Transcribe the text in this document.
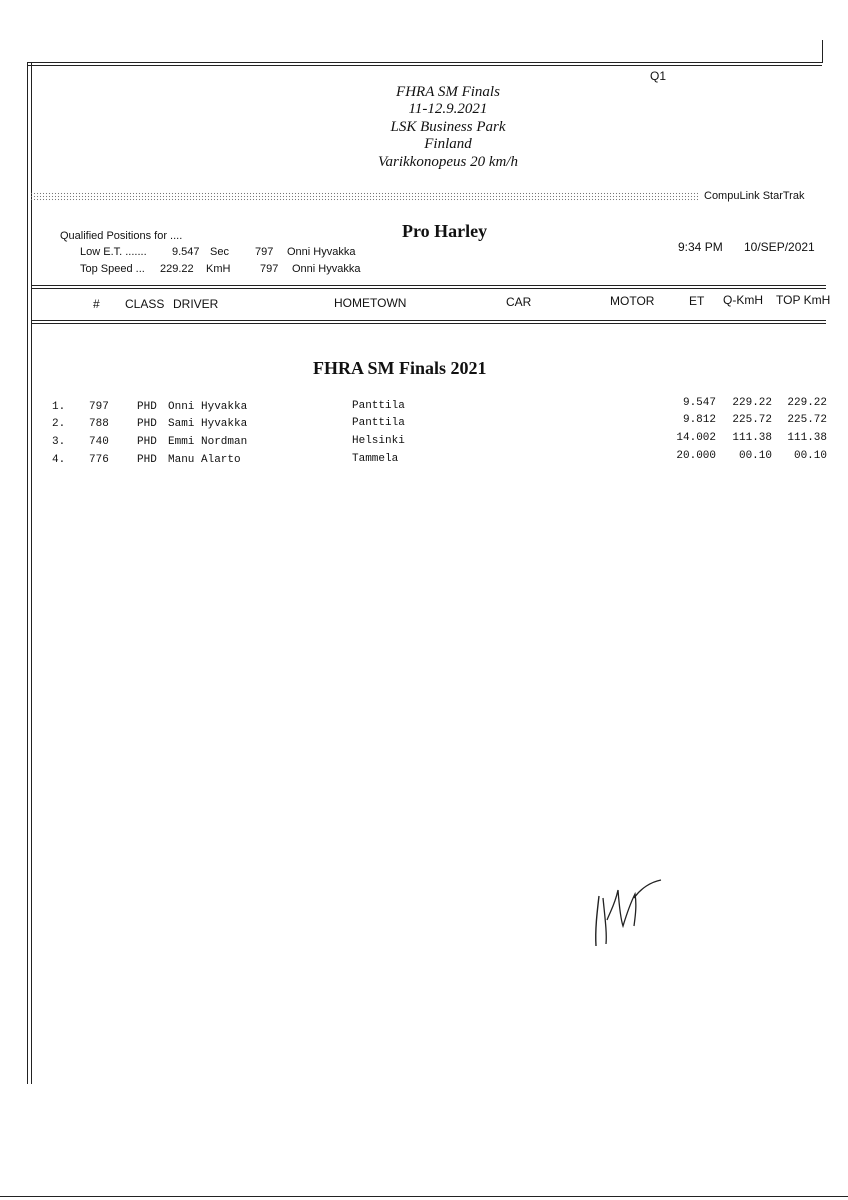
Q1
FHRA SM Finals
11-12.9.2021
LSK Business Park
Finland
Varikkonopeus 20 km/h
CompuLink StarTrak
Qualified Positions for ....
Low E.T. ....... 9.547 Sec 797 Onni Hyvakka
Top Speed ... 229.22 KmH	797 Onni Hyvakka
Pro Harley
9:34 PM 10/SEP/2021
# CLASS DRIVER	HOMETOWN	CAR	MOTOR	ET Q-KmH TOP KmH
FHRA SM Finals 2021
1. 797	PHD Onni Hyvakka	Panttila	9.547	229.22	229.22
2. 788	PHD Sami Hyvakka	Panttila	9.812	225.72	225.72
3. 740	PHD Emmi Nordman	Helsinki	14.002	111.38	111.38
4. 776	PHD Manu Alarto	Tammela	20.000	00.10	00.10
